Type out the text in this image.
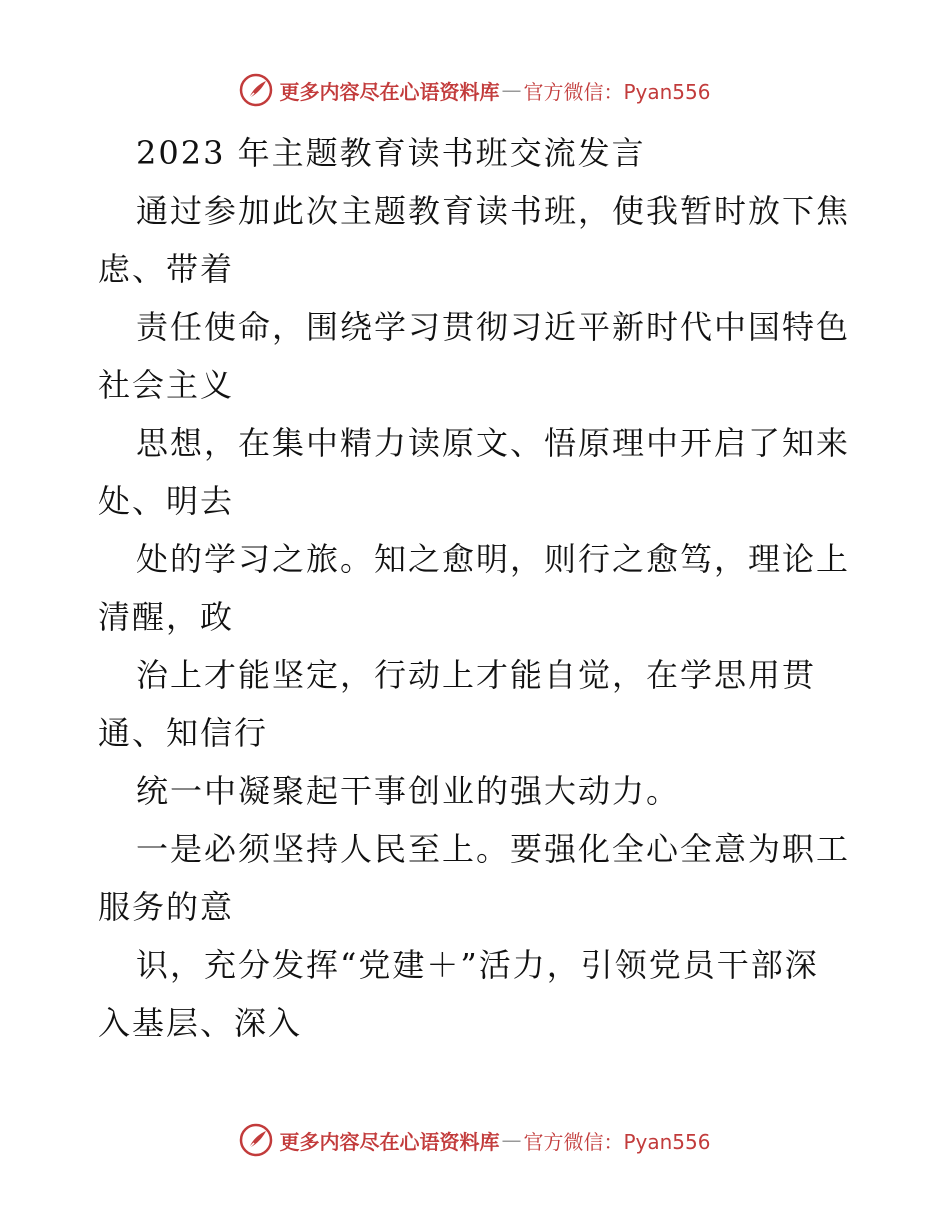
更多内容尽在心语资料库 — 官方微信：Pyan556

2023 年主题教育读书班交流发言

通过参加此次主题教育读书班，使我暂时放下焦

虑、带着

责任使命，围绕学习贯彻习近平新时代中国特色

社会主义

思想，在集中精力读原文、悟原理中开启了知来

处、明去

处的学习之旅。知之愈明，则行之愈笃，理论上

清醒，政

治上才能坚定，行动上才能自觉，在学思用贯

通、知信行

统一中凝聚起干事创业的强大动力。

一是必须坚持人民至上。要强化全心全意为职工

服务的意

识，充分发挥“党建＋”活力，引领党员干部深

入基层、深入

更多内容尽在心语资料库 — 官方微信：Pyan556
